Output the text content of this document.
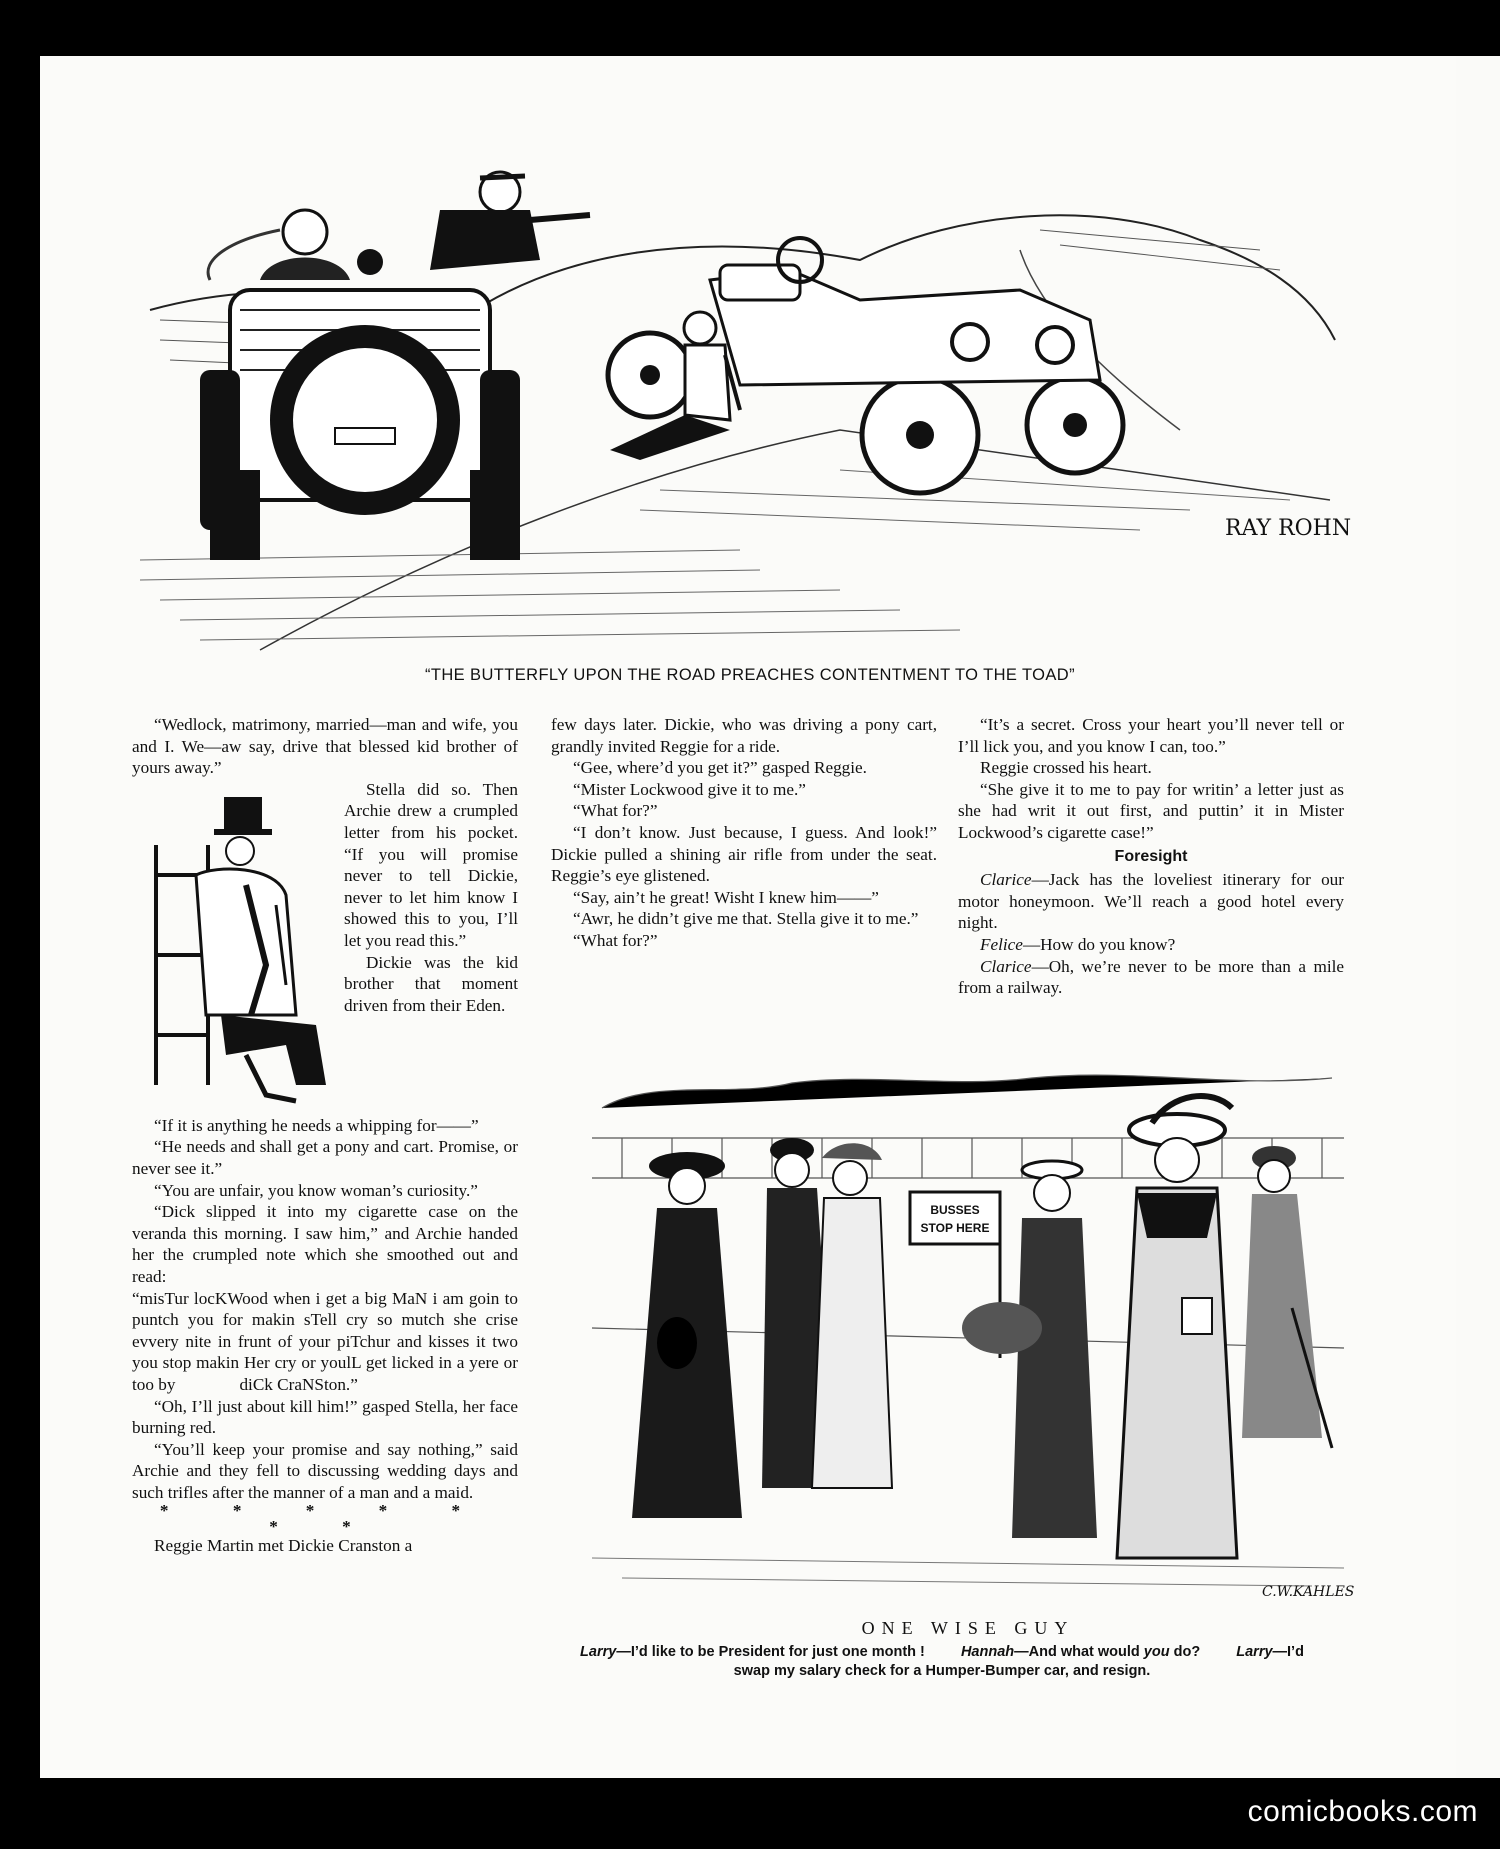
RAY ROHN
“THE BUTTERFLY UPON THE ROAD PREACHES CONTENTMENT TO THE TOAD”

“Wedlock, matrimony, married—man and wife, you and I. We—aw say, drive that blessed kid brother of yours away.”

Stella did so. Then Archie drew a crumpled letter from his pocket. “If you will promise never to tell Dickie, never to let him know I showed this to you, I’ll let you read this.”

Dickie was the kid brother that moment driven from their Eden.

“If it is anything he needs a whipping for——”

“He needs and shall get a pony and cart. Promise, or never see it.”

“You are unfair, you know woman’s curiosity.”

“Dick slipped it into my cigarette case on the veranda this morning. I saw him,” and Archie handed her the crumpled note which she smoothed out and read:

“misTur locKWood when i get a big MaN i am goin to puntch you for makin sTell cry so mutch she crise evvery nite in frunt of your piTchur and kisses it two you stop makin Her cry or youlL get licked in a yere or too by	diCk CraNSton.”

“Oh, I’ll just about kill him!” gasped Stella, her face burning red.

“You’ll keep your promise and say nothing,” said Archie and they fell to discussing wedding days and such trifles after the manner of a man and a maid.

* * * * * * *

Reggie Martin met Dickie Cranston a

few days later. Dickie, who was driving a pony cart, grandly invited Reggie for a ride.

“Gee, where’d you get it?” gasped Reggie.

“Mister Lockwood give it to me.”

“What for?”

“I don’t know. Just because, I guess. And look!” Dickie pulled a shining air rifle from under the seat. Reggie’s eye glistened.

“Say, ain’t he great! Wisht I knew him——”

“Awr, he didn’t give me that. Stella give it to me.”

“What for?”

“It’s a secret. Cross your heart you’ll never tell or I’ll lick you, and you know I can, too.”

Reggie crossed his heart.

“She give it to me to pay for writin’ a letter just as she had writ it out first, and puttin’ it in Mister Lockwood’s cigarette case!”

Foresight

Clarice—Jack has the loveliest itinerary for our motor honeymoon. We’ll reach a good hotel every night.

Felice—How do you know?

Clarice—Oh, we’re never to be more than a mile from a railway.

BUSSES
STOP HERE
C.W.KAHLES
ONE WISE GUY
Larry—I’d like to be President for just one month ! Hannah—And what would you do? Larry—I’d
swap my salary check for a Humper-Bumper car, and resign.
comicbooks.com
